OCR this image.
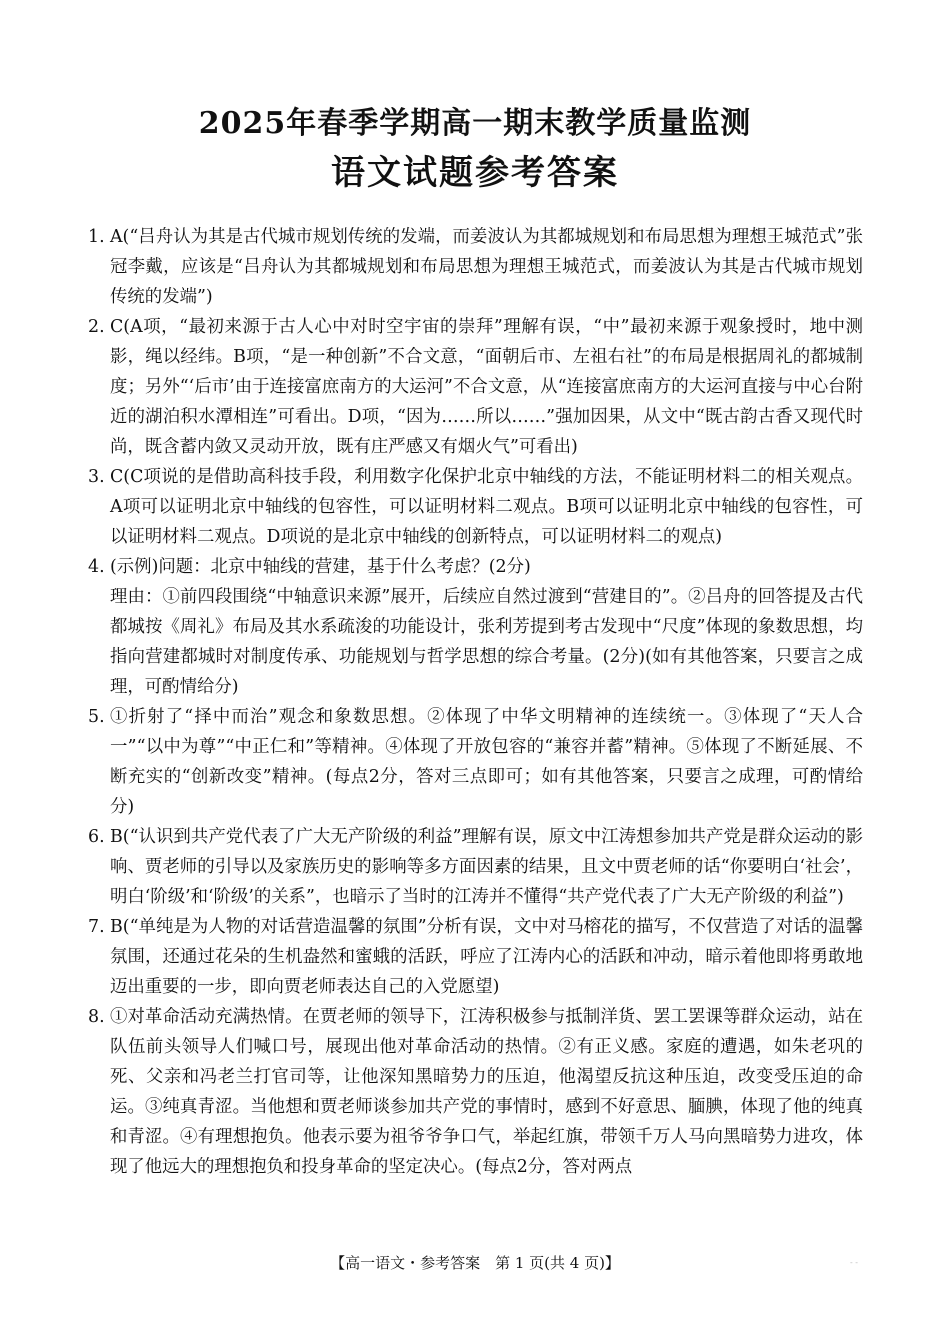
2025年春季学期高一期末教学质量监测
语文试题参考答案
1. A(“吕舟认为其是古代城市规划传统的发端，而姜波认为其都城规划和布局思想为理想王城范式”张冠李戴，应该是“吕舟认为其都城规划和布局思想为理想王城范式，而姜波认为其是古代城市规划传统的发端”)
2. C(A项，“最初来源于古人心中对时空宇宙的崇拜”理解有误，“中”最初来源于观象授时，地中测影，绳以经纬。B项，“是一种创新”不合文意，“面朝后市、左祖右社”的布局是根据周礼的都城制度；另外“‘后市’由于连接富庶南方的大运河”不合文意，从“连接富庶南方的大运河直接与中心台附近的湖泊积水潭相连”可看出。D项，“因为……所以……”强加因果，从文中“既古韵古香又现代时尚，既含蓄内敛又灵动开放，既有庄严感又有烟火气”可看出)
3. C(C项说的是借助高科技手段，利用数字化保护北京中轴线的方法，不能证明材料二的相关观点。A项可以证明北京中轴线的包容性，可以证明材料二观点。B项可以证明北京中轴线的包容性，可以证明材料二观点。D项说的是北京中轴线的创新特点，可以证明材料二的观点)
4. (示例)问题：北京中轴线的营建，基于什么考虑？(2分)
理由：①前四段围绕“中轴意识来源”展开，后续应自然过渡到“营建目的”。②吕舟的回答提及古代都城按《周礼》布局及其水系疏浚的功能设计，张利芳提到考古发现中“尺度”体现的象数思想，均指向营建都城时对制度传承、功能规划与哲学思想的综合考量。(2分)(如有其他答案，只要言之成理，可酌情给分)
5. ①折射了“择中而治”观念和象数思想。②体现了中华文明精神的连续统一。③体现了“天人合一”“以中为尊”“中正仁和”等精神。④体现了开放包容的“兼容并蓄”精神。⑤体现了不断延展、不断充实的“创新改变”精神。(每点2分，答对三点即可；如有其他答案，只要言之成理，可酌情给分)
6. B(“认识到共产党代表了广大无产阶级的利益”理解有误，原文中江涛想参加共产党是群众运动的影响、贾老师的引导以及家族历史的影响等多方面因素的结果，且文中贾老师的话“你要明白‘社会’，明白‘阶级’和‘阶级’的关系”，也暗示了当时的江涛并不懂得“共产党代表了广大无产阶级的利益”)
7. B(“单纯是为人物的对话营造温馨的氛围”分析有误，文中对马榕花的描写，不仅营造了对话的温馨氛围，还通过花朵的生机盎然和蜜蛾的活跃，呼应了江涛内心的活跃和冲动，暗示着他即将勇敢地迈出重要的一步，即向贾老师表达自己的入党愿望)
8. ①对革命活动充满热情。在贾老师的领导下，江涛积极参与抵制洋货、罢工罢课等群众运动，站在队伍前头领导人们喊口号，展现出他对革命活动的热情。②有正义感。家庭的遭遇，如朱老巩的死、父亲和冯老兰打官司等，让他深知黑暗势力的压迫，他渴望反抗这种压迫，改变受压迫的命运。③纯真青涩。当他想和贾老师谈参加共产党的事情时，感到不好意思、腼腆，体现了他的纯真和青涩。④有理想抱负。他表示要为祖爷爷争口气，举起红旗，带领千万人马向黑暗势力进攻，体现了他远大的理想抱负和投身革命的坚定决心。(每点2分，答对两点
【高一语文・参考答案　第 1 页(共 4 页)】	- -
